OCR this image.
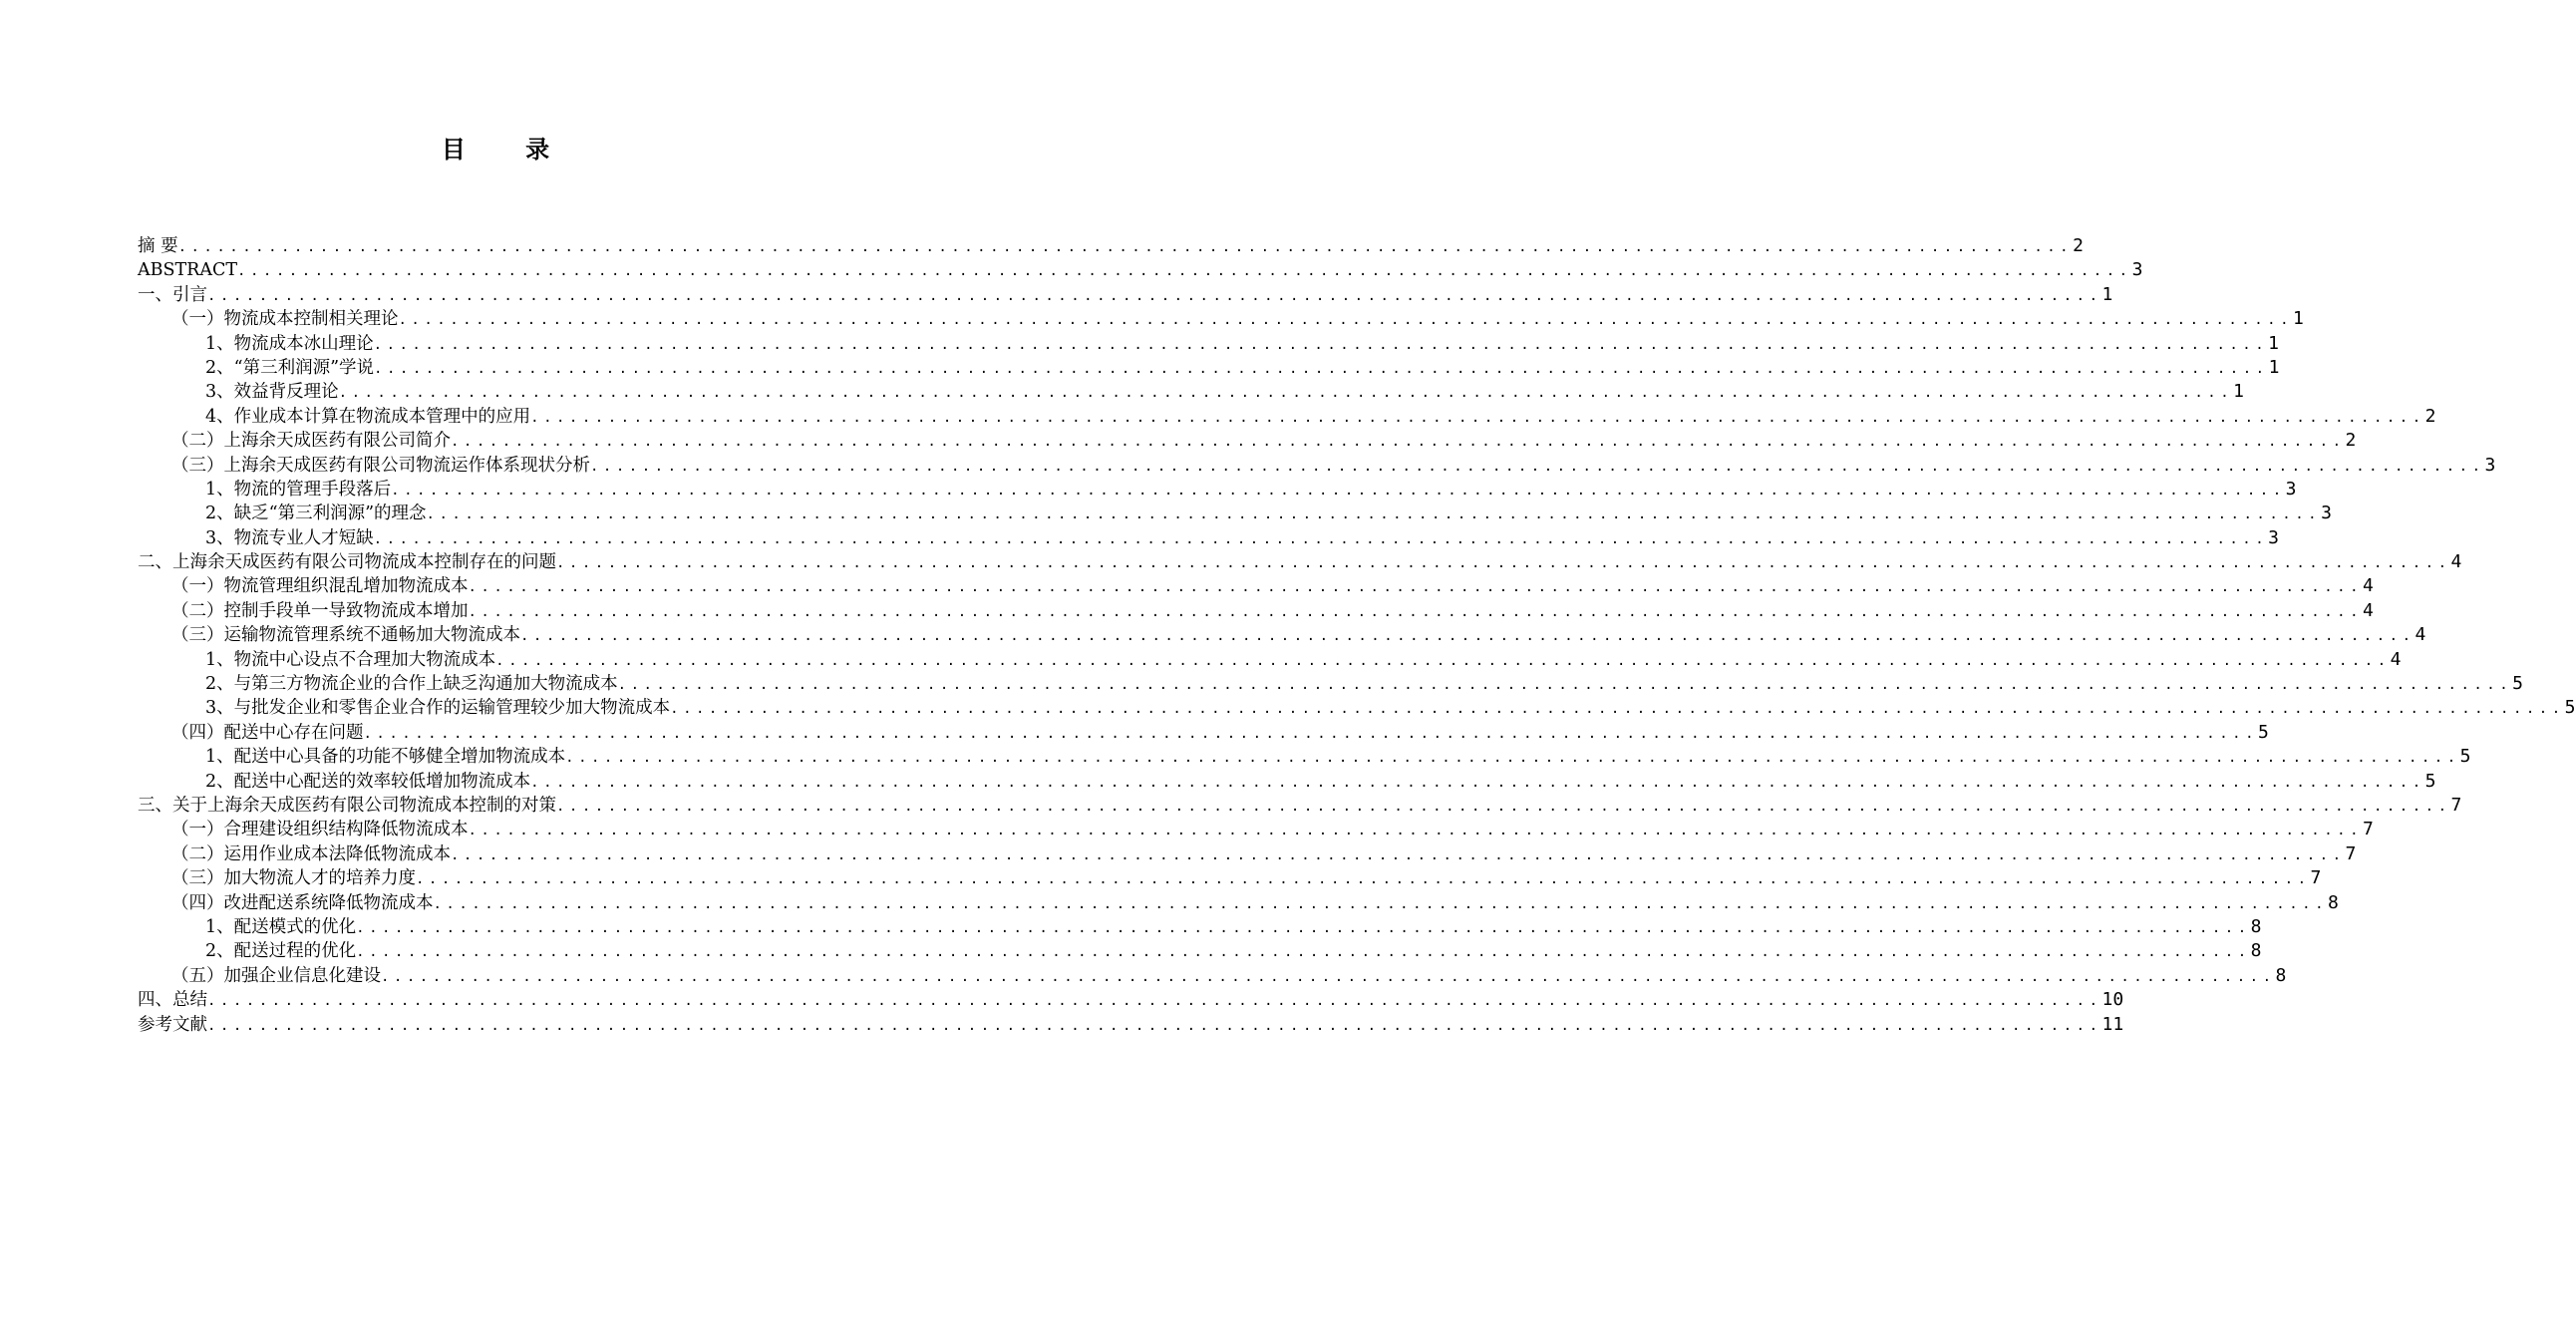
目 录
摘 要 ................................................................................................................................................... 2
ABSTRACT ................................................................................................................................................... 3
一、引言 ................................................................................................................................................... 1
（一）物流成本控制相关理论 ................................................................................................................................................... 1
1、物流成本冰山理论 ................................................................................................................................................... 1
2、“第三利润源”学说 ................................................................................................................................................... 1
3、效益背反理论 ................................................................................................................................................... 1
4、作业成本计算在物流成本管理中的应用 ................................................................................................................................................... 2
（二）上海余天成医药有限公司简介 ................................................................................................................................................... 2
（三）上海余天成医药有限公司物流运作体系现状分析 ................................................................................................................................................... 3
1、物流的管理手段落后 ................................................................................................................................................... 3
2、缺乏“第三利润源”的理念 ................................................................................................................................................... 3
3、物流专业人才短缺 ................................................................................................................................................... 3
二、上海余天成医药有限公司物流成本控制存在的问题 ................................................................................................................................................... 4
（一）物流管理组织混乱增加物流成本 ................................................................................................................................................... 4
（二）控制手段单一导致物流成本增加 ................................................................................................................................................... 4
（三）运输物流管理系统不通畅加大物流成本 ................................................................................................................................................... 4
1、物流中心设点不合理加大物流成本 ................................................................................................................................................... 4
2、与第三方物流企业的合作上缺乏沟通加大物流成本 ................................................................................................................................................... 5
3、与批发企业和零售企业合作的运输管理较少加大物流成本 ................................................................................................................................................... 5
（四）配送中心存在问题 ................................................................................................................................................... 5
1、配送中心具备的功能不够健全增加物流成本 ................................................................................................................................................... 5
2、配送中心配送的效率较低增加物流成本 ................................................................................................................................................... 5
三、关于上海余天成医药有限公司物流成本控制的对策 ................................................................................................................................................... 7
（一）合理建设组织结构降低物流成本 ................................................................................................................................................... 7
（二）运用作业成本法降低物流成本 ................................................................................................................................................... 7
（三）加大物流人才的培养力度 ................................................................................................................................................... 7
（四）改进配送系统降低物流成本 ................................................................................................................................................... 8
1、配送模式的优化 ................................................................................................................................................... 8
2、配送过程的优化 ................................................................................................................................................... 8
（五）加强企业信息化建设 ................................................................................................................................................... 8
四、总结 ................................................................................................................................................... 10
参考文献 ................................................................................................................................................... 11
